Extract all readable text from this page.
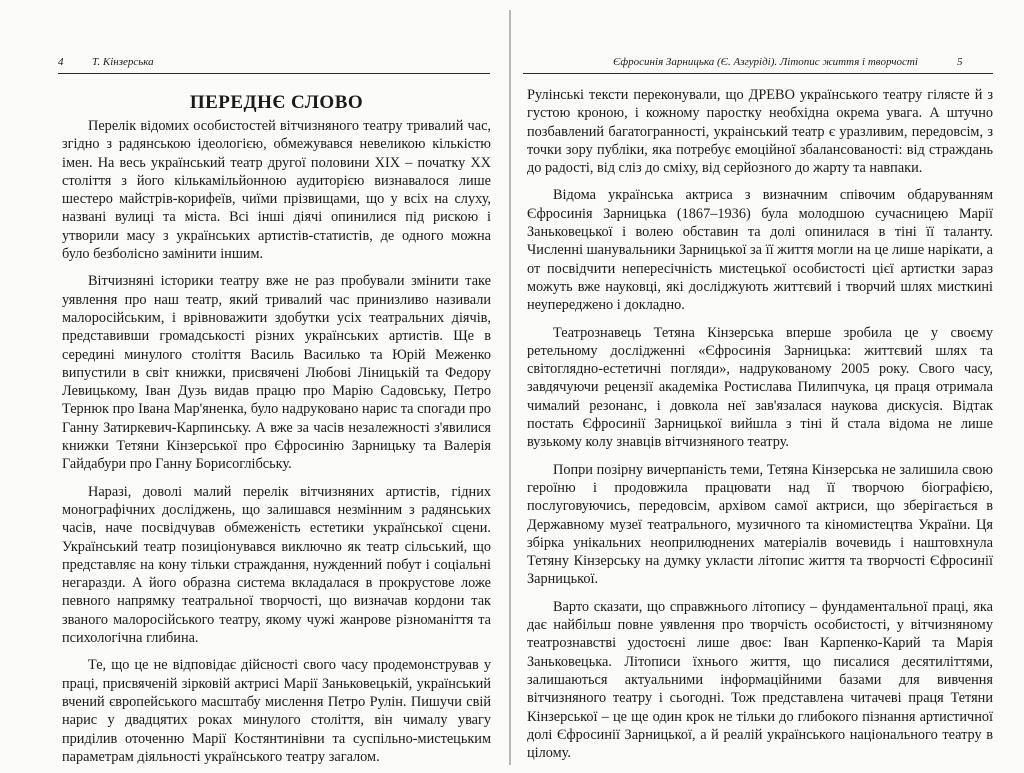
4	Т. Кінзерська
ПЕРЕДНЄ СЛОВО

Перелік відомих особистостей вітчизняного театру тривалий час, згідно з радянською ідеологією, обмежувався невеликою кількістю імен. На весь український театр другої половини XIX – початку XX століття з його кількамільйонною аудиторією визнавалося лише шестеро майстрів-корифеїв, чиїми прізвищами, що у всіх на слуху, названі вулиці та міста. Всі інші діячі опинилися під рискою і утворили масу з українських артистів-статистів, де одного можна було безболісно замінити іншим.

Вітчизняні історики театру вже не раз пробували змінити таке уявлення про наш театр, який тривалий час принизливо називали малоросійським, і врівноважити здобутки усіх театральних діячів, представивши громадськості різних українських артистів. Ще в середині минулого століття Василь Василько та Юрій Меженко випустили в світ книжки, присвячені Любові Ліницькій та Федору Левицькому, Іван Дузь видав працю про Марію Садовську, Петро Тернюк про Івана Мар'яненка, було надруковано нарис та спогади про Ганну Затиркевич-Карпинську. А вже за часів незалежності з'явилися книжки Тетяни Кінзерської про Єфросинію Зарницьку та Валерія Гайдабури про Ганну Борисоглібську.

Наразі, доволі малий перелік вітчизняних артистів, гідних монографічних досліджень, що залишався незмінним з радянських часів, наче посвідчував обмеженість естетики української сцени. Український театр позиціонувався виключно як театр сільський, що представляє на кону тільки страждання, нужденний побут і соціальні негаразди. А його образна система вкладалася в прокрустове ложе певного напрямку театральної творчості, що визначав кордони так званого малоросійського театру, якому чужі жанрове різноманіття та психологічна глибина.

Те, що це не відповідає дійсності свого часу продемонстрував у праці, присвяченій зірковій актрисі Марії Заньковецькій, український вчений європейського масштабу мислення Петро Рулін. Пишучи свій нарис у двадцятих роках минулого століття, він чималу увагу приділив оточенню Марії Костянтинівни та суспільно-мистецьким параметрам діяльності українського театру загалом.

Єфросинія Зарницька (Є. Азгуріді). Літопис життя і творчості	5

Рулінські тексти переконували, що ДРЕВО українського театру гілясте й з густою кроною, і кожному паростку необхідна окрема увага. А штучно позбавлений багатогранності, украінський театр є уразливим, передовсім, з точки зору публіки, яка потребує емоційної збалансованості: від страждань до радості, від сліз до сміху, від серйозного до жарту та навпаки.

Відома українська актриса з визначним співочим обдаруванням Єфросинія Зарницька (1867–1936) була молодшою сучасницею Марії Заньковецької і волею обставин та долі опинилася в тіні її таланту. Численні шанувальники Зарницької за її життя могли на це лише нарікати, а от посвідчити непересічність мистецької особистості цієї артистки зараз можуть вже науковці, які досліджують життєвий і творчий шлях мисткині неупереджено і докладно.

Театрознавець Тетяна Кінзерська вперше зробила це у своєму ретельному дослідженні «Єфросинія Зарницька: життєвий шлях та світоглядно-естетичні погляди», надрукованому 2005 року. Свого часу, завдячуючи рецензії академіка Ростислава Пилипчука, ця праця отримала чималий резонанс, і довкола неї зав'язалася наукова дискусія. Відтак постать Єфросинії Зарницької вийшла з тіні й стала відома не лише вузькому колу знавців вітчизняного театру.

Попри позірну вичерпаність теми, Тетяна Кінзерська не залишила свою героїню і продовжила працювати над її творчою біографією, послуговуючись, передовсім, архівом самої актриси, що зберігається в Державному музеї театрального, музичного та кіномистецтва України. Ця збірка унікальних неоприлюднених матеріалів вочевидь і наштовхнула Тетяну Кінзерську на думку укласти літопис життя та творчості Єфросинії Зарницької.

Варто сказати, що справжнього літопису – фундаментальної праці, яка дає найбільш повне уявлення про творчість особистості, у вітчизняному театрознавстві удостоєні лише двоє: Іван Карпенко-Карий та Марія Заньковецька. Літописи їхнього життя, що писалися десятиліттями, залишаються актуальними інформаційними базами для вивчення вітчизняного театру і сьогодні. Тож представлена читачеві праця Тетяни Кінзерської – це ще один крок не тільки до глибокого пізнання артистичної долі Єфросинії Зарницької, а й реалій українського національного театру в цілому.
